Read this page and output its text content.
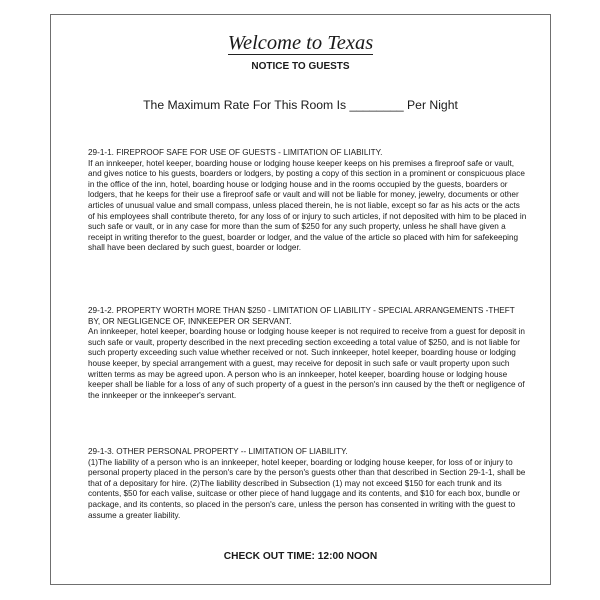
Welcome to Texas
NOTICE TO GUESTS
The Maximum Rate For This Room Is ________ Per Night
29-1-1. FIREPROOF SAFE FOR USE OF GUESTS - LIMITATION OF LIABILITY.
If an innkeeper, hotel keeper, boarding house or lodging house keeper keeps on his premises a fireproof safe or vault, and gives notice to his guests, boarders or lodgers, by posting a copy of this section in a prominent or conspicuous place in the office of the inn, hotel, boarding house or lodging house and in the rooms occupied by the guests, boarders or lodgers, that he keeps for their use a fireproof safe or vault and will not be liable for money, jewelry, documents or other articles of unusual value and small compass, unless placed therein, he is not liable, except so far as his acts or the acts of his employees shall contribute thereto, for any loss of or injury to such articles, if not deposited with him to be placed in such safe or vault, or in any case for more than the sum of $250 for any such property, unless he shall have given a receipt in writing therefor to the guest, boarder or lodger, and the value of the article so placed with him for safekeeping shall have been declared by such guest, boarder or lodger.
29-1-2. PROPERTY WORTH MORE THAN $250 - LIMITATION OF LIABILITY - SPECIAL ARRANGEMENTS -THEFT BY, OR NEGLIGENCE OF, INNKEEPER OR SERVANT.
An innkeeper, hotel keeper, boarding house or lodging house keeper is not required to receive from a guest for deposit in such safe or vault, property described in the next preceding section exceeding a total value of $250, and is not liable for such property exceeding such value whether received or not. Such innkeeper, hotel keeper, boarding house or lodging house keeper, by special arrangement with a guest, may receive for deposit in such safe or vault property upon such written terms as may be agreed upon. A person who is an innkeeper, hotel keeper, boarding house or lodging house keeper shall be liable for a loss of any of such property of a guest in the person's inn caused by the theft or negligence of the innkeeper or the innkeeper's servant.
29-1-3. OTHER PERSONAL PROPERTY -- LIMITATION OF LIABILITY.
(1)The liability of a person who is an innkeeper, hotel keeper, boarding or lodging house keeper, for loss of or injury to personal property placed in the person's care by the person's guests other than that described in Section 29-1-1, shall be that of a depositary for hire. (2)The liability described in Subsection (1) may not exceed $150 for each trunk and its contents, $50 for each valise, suitcase or other piece of hand luggage and its contents, and $10 for each box, bundle or package, and its contents, so placed in the person's care, unless the person has consented in writing with the guest to assume a greater liability.
CHECK OUT TIME: 12:00 NOON
